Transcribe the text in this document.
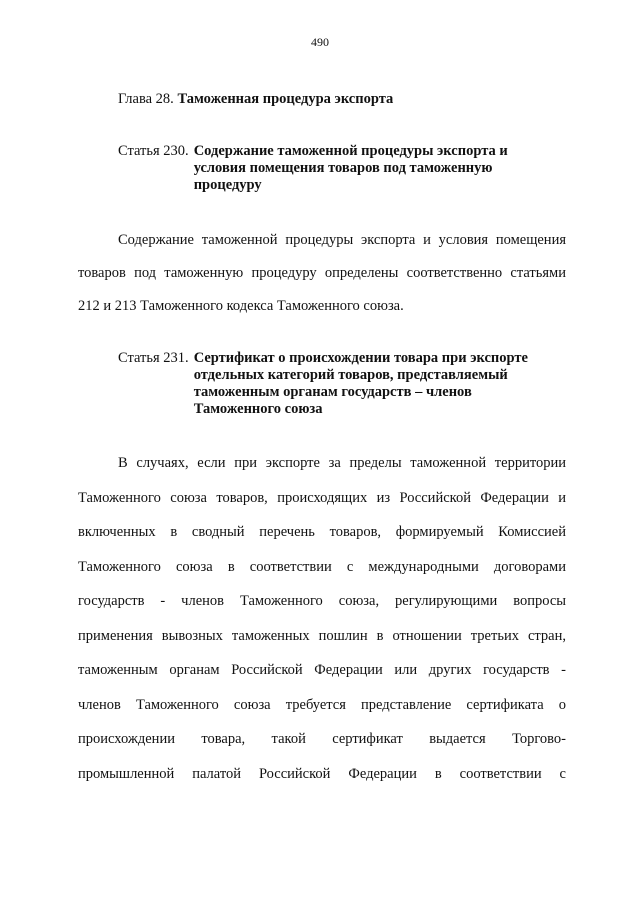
490
Глава 28. Таможенная процедура экспорта
Статья 230. Содержание таможенной процедуры экспорта и
условия помещения товаров под таможенную
процедуру
Содержание таможенной процедуры экспорта и условия помещения
товаров под таможенную процедуру определены соответственно статьями
212 и 213 Таможенного кодекса Таможенного союза.
Статья 231. Сертификат о происхождении товара при экспорте
отдельных категорий товаров, представляемый
таможенным органам государств – членов
Таможенного союза
В случаях, если при экспорте за пределы таможенной территории
Таможенного союза товаров, происходящих из Российской Федерации и
включенных в сводный перечень товаров, формируемый Комиссией
Таможенного союза в соответствии с международными договорами
государств - членов Таможенного союза, регулирующими вопросы
применения вывозных таможенных пошлин в отношении третьих стран,
таможенным органам Российской Федерации или других государств -
членов Таможенного союза требуется представление сертификата о
происхождении товара, такой сертификат выдается Торгово-
промышленной палатой Российской Федерации в соответствии с
